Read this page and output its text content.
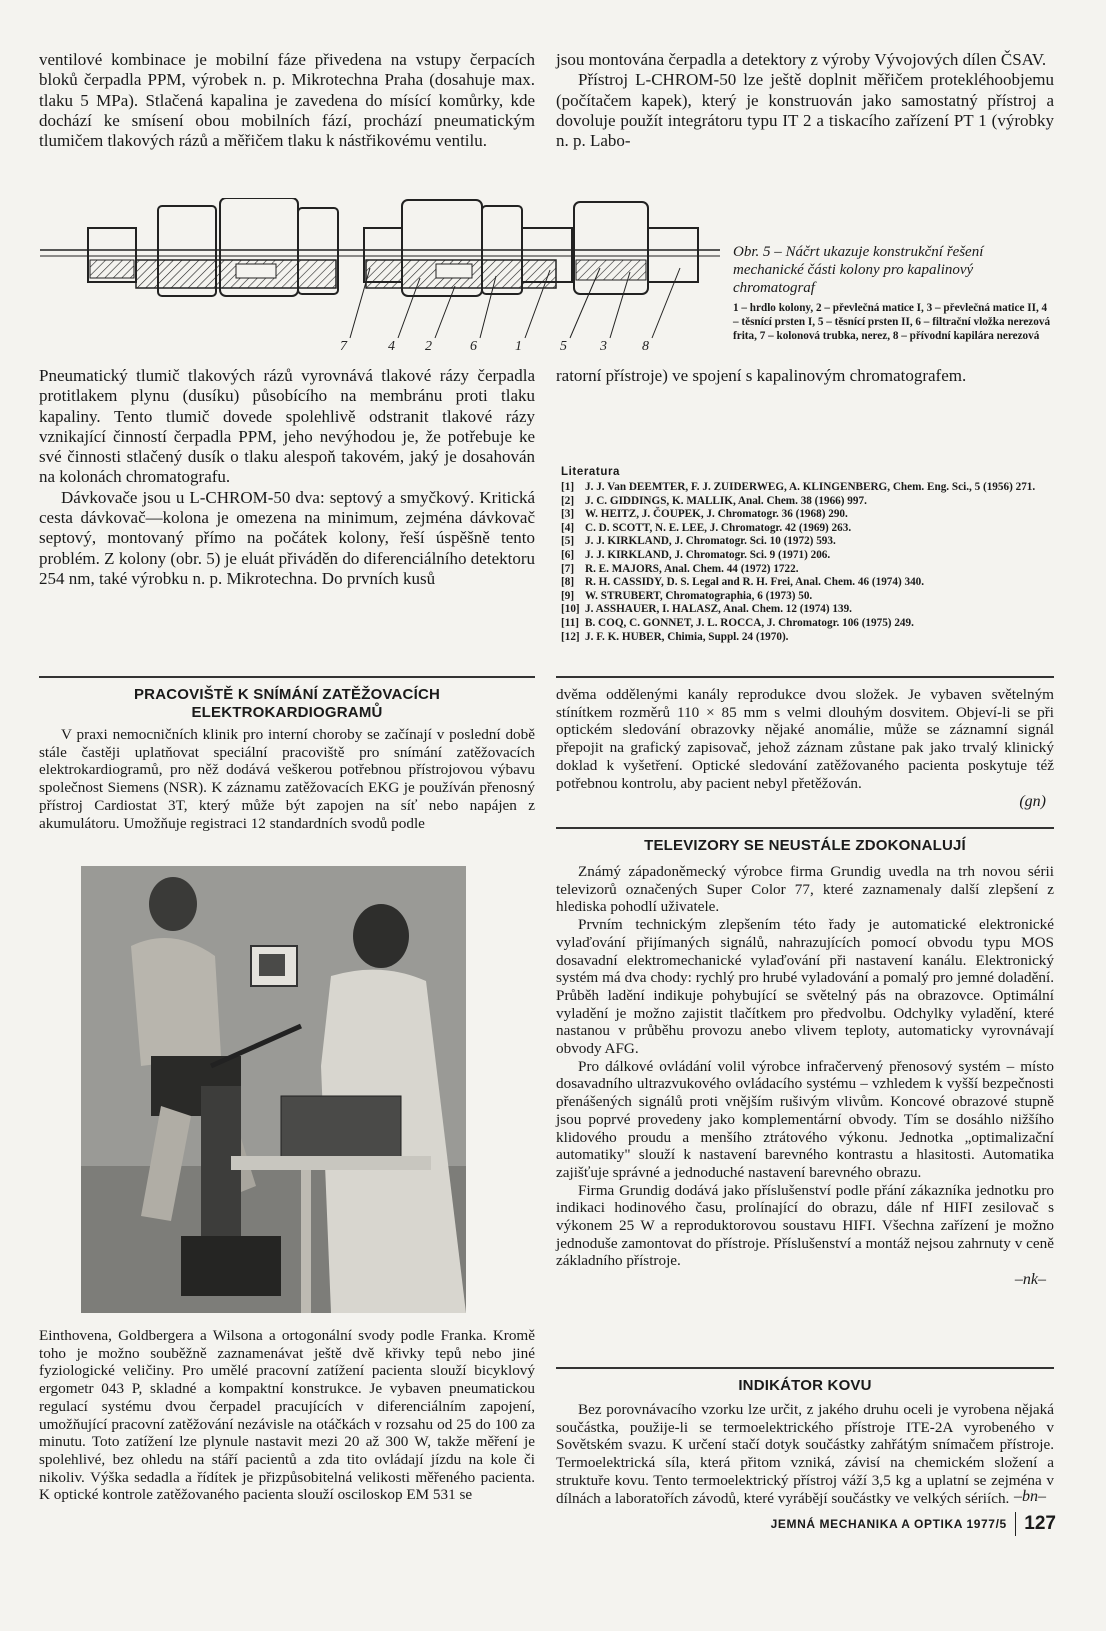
ventilové kombinace je mobilní fáze přivedena na vstupy čerpacích bloků čerpadla PPM, výrobek n. p. Mikrotechna Praha (dosahuje max. tlaku 5 MPa). Stlačená kapalina je zavedena do mísící komůrky, kde dochází ke smísení obou mobilních fází, prochází pneumatickým tlumičem tlakových rázů a měřičem tlaku k nástřikovému ventilu.

jsou montována čerpadla a detektory z výroby Vývojových dílen ČSAV.

Přístroj L-CHROM-50 lze ještě doplnit měřičem protekléhoobjemu (počítačem kapek), který je konstruován jako samostatný přístroj a dovoluje použít integrátoru typu IT 2 a tiskacího zařízení PT 1 (výrobky n. p. Labo-

7	4 2	6	1	5 3	8

Obr. 5 – Náčrt ukazuje konstrukční řešení mechanické části kolony pro kapalinový chromatograf

1 – hrdlo kolony, 2 – převlečná matice I, 3 – převlečná matice II, 4 – těsnící prsten I, 5 – těsnící prsten II, 6 – filtrační vložka nerezová frita, 7 – kolonová trubka, nerez, 8 – přívodní kapilára nerezová

Pneumatický tlumič tlakových rázů vyrovnává tlakové rázy čerpadla protitlakem plynu (dusíku) působícího na membránu proti tlaku kapaliny. Tento tlumič dovede spolehlivě odstranit tlakové rázy vznikající činností čerpadla PPM, jeho nevýhodou je, že potřebuje ke své činnosti stlačený dusík o tlaku alespoň takovém, jaký je dosahován na kolonách chromatografu.

Dávkovače jsou u L-CHROM-50 dva: septový a smyčkový. Kritická cesta dávkovač—kolona je omezena na minimum, zejména dávkovač septový, montovaný přímo na počátek kolony, řeší úspěšně tento problém. Z kolony (obr. 5) je eluát přiváděn do diferenciálního detektoru 254 nm, také výrobku n. p. Mikrotechna. Do prvních kusů

ratorní přístroje) ve spojení s kapalinovým chromatografem.

Literatura
[1] J. J. Van DEEMTER, F. J. ZUIDERWEG, A. KLINGENBERG, Chem. Eng. Sci., 5 (1956) 271.
[2] J. C. GIDDINGS, K. MALLIK, Anal. Chem. 38 (1966) 997.
[3] W. HEITZ, J. ČOUPEK, J. Chromatogr. 36 (1968) 290.
[4] C. D. SCOTT, N. E. LEE, J. Chromatogr. 42 (1969) 263.
[5] J. J. KIRKLAND, J. Chromatogr. Sci. 10 (1972) 593.
[6] J. J. KIRKLAND, J. Chromatogr. Sci. 9 (1971) 206.
[7] R. E. MAJORS, Anal. Chem. 44 (1972) 1722.
[8] R. H. CASSIDY, D. S. Legal and R. H. Frei, Anal. Chem. 46 (1974) 340.
[9] W. STRUBERT, Chromatographia, 6 (1973) 50.
[10] J. ASSHAUER, I. HALASZ, Anal. Chem. 12 (1974) 139.
[11] B. COQ, C. GONNET, J. L. ROCCA, J. Chromatogr. 106 (1975) 249.
[12] J. F. K. HUBER, Chimia, Suppl. 24 (1970).
PRACOVIŠTĚ K SNÍMÁNÍ ZATĚŽOVACÍCH ELEKTROKARDIOGRAMŮ

V praxi nemocničních klinik pro interní choroby se začínají v poslední době stále častěji uplatňovat speciální pracoviště pro snímání zatěžovacích elektrokardiogramů, pro něž dodává veškerou potřebnou přístrojovou výbavu společnost Siemens (NSR). K záznamu zatěžovacích EKG je používán přenosný přístroj Cardiostat 3T, který může být zapojen na síť nebo napájen z akumulátoru. Umožňuje registraci 12 standardních svodů podle

Einthovena, Goldbergera a Wilsona a ortogonální svody podle Franka. Kromě toho je možno souběžně zaznamenávat ještě dvě křivky tepů nebo jiné fyziologické veličiny. Pro umělé pracovní zatížení pacienta slouží bicyklový ergometr 043 P, skladné a kompaktní konstrukce. Je vybaven pneumatickou regulací systému dvou čerpadel pracujících v diferenciálním zapojení, umožňující pracovní zatěžování nezávisle na otáčkách v rozsahu od 25 do 100 za minutu. Toto zatížení lze plynule nastavit mezi 20 až 300 W, takže měření je spolehlivé, bez ohledu na stáří pacientů a zda tito ovládají jízdu na kole či nikoliv. Výška sedadla a řídítek je přizpůsobitelná velikosti měřeného pacienta. K optické kontrole zatěžovaného pacienta slouží osciloskop EM 531 se

dvěma oddělenými kanály reprodukce dvou složek. Je vybaven světelným stínítkem rozměrů 110 × 85 mm s velmi dlouhým dosvitem. Objeví-li se při optickém sledování obrazovky nějaké anomálie, může se záznamní signál přepojit na grafický zapisovač, jehož záznam zůstane pak jako trvalý klinický doklad k vyšetření. Optické sledování zatěžovaného pacienta poskytuje též potřebnou kontrolu, aby pacient nebyl přetěžován.

(gn)
TELEVIZORY SE NEUSTÁLE ZDOKONALUJÍ

Známý západoněmecký výrobce firma Grundig uvedla na trh novou sérii televizorů označených Super Color 77, které zaznamenaly další zlepšení z hlediska pohodlí uživatele.

Prvním technickým zlepšením této řady je automatické elektronické vylaďování přijímaných signálů, nahrazujících pomocí obvodu typu MOS dosavadní elektromechanické vylaďování při nastavení kanálu. Elektronický systém má dva chody: rychlý pro hrubé vyladování a pomalý pro jemné doladění. Průběh ladění indikuje pohybující se světelný pás na obrazovce. Optimální vyladění je možno zajistit tlačítkem pro předvolbu. Odchylky vyladění, které nastanou v průběhu provozu anebo vlivem teploty, automaticky vyrovnávají obvody AFG.

Pro dálkové ovládání volil výrobce infračervený přenosový systém – místo dosavadního ultrazvukového ovládacího systému – vzhledem k vyšší bezpečnosti přenášených signálů proti vnějším rušivým vlivům. Koncové obrazové stupně jsou poprvé provedeny jako komplementární obvody. Tím se dosáhlo nižšího klidového proudu a menšího ztrátového výkonu. Jednotka „optimalizační automatiky" slouží k nastavení barevného kontrastu a hlasitosti. Automatika zajišťuje správné a jednoduché nastavení barevného obrazu.

Firma Grundig dodává jako příslušenství podle přání zákazníka jednotku pro indikaci hodinového času, prolínající do obrazu, dále nf HIFI zesilovač s výkonem 25 W a reproduktorovou soustavu HIFI. Všechna zařízení je možno jednoduše zamontovat do přístroje. Příslušenství a montáž nejsou zahrnuty v ceně základního přístroje.

–nk–
INDIKÁTOR KOVU

Bez porovnávacího vzorku lze určit, z jakého druhu oceli je vyrobena nějaká součástka, použije-li se termoelektrického přístroje ITE-2A vyrobeného v Sovětském svazu. K určení stačí dotyk součástky zahřátým snímačem přístroje. Termoelektrická síla, která přitom vzniká, závisí na chemickém složení a struktuře kovu. Tento termoelektrický přístroj váží 3,5 kg a uplatní se zejména v dílnách a laboratořích závodů, které vyrábějí součástky ve velkých sériích. –bn–
JEMNÁ MECHANIKA A OPTIKA 1977/5 127
